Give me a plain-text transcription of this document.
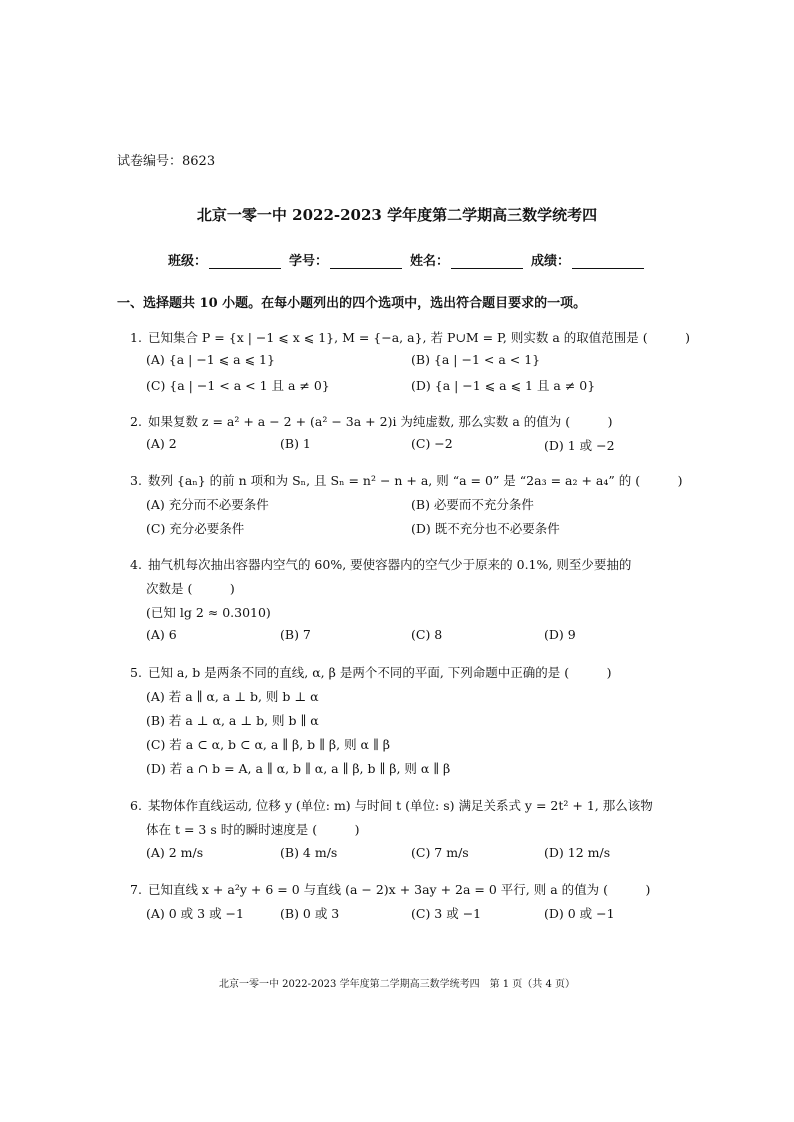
试卷编号：8623
北京一零一中 2022-2023 学年度第二学期高三数学统考四
班级：	学号：	姓名：	成绩：
一、选择题共 10 小题。在每小题列出的四个选项中，选出符合题目要求的一项。
1. 已知集合 P = {x | −1 ⩽ x ⩽ 1}, M = {−a, a}, 若 P∪M = P, 则实数 a 的取值范围是 (　　　)
(A) {a | −1 ⩽ a ⩽ 1}	(B) {a | −1 < a < 1}
(C) {a | −1 < a < 1 且 a ≠ 0}	(D) {a | −1 ⩽ a ⩽ 1 且 a ≠ 0}
2. 如果复数 z = a² + a − 2 + (a² − 3a + 2)i 为纯虚数, 那么实数 a 的值为 (　　　)
(A) 2	(B) 1	(C) −2	(D) 1 或 −2
3. 数列 {aₙ} 的前 n 项和为 Sₙ, 且 Sₙ = n² − n + a, 则 “a = 0” 是 “2a₃ = a₂ + a₄” 的 (　　　)
(A) 充分而不必要条件	(B) 必要而不充分条件
(C) 充分必要条件	(D) 既不充分也不必要条件
4. 抽气机每次抽出容器内空气的 60%, 要使容器内的空气少于原来的 0.1%, 则至少要抽的
次数是 (　　　)
(已知 lg 2 ≈ 0.3010)
(A) 6	(B) 7	(C) 8	(D) 9
5. 已知 a, b 是两条不同的直线, α, β 是两个不同的平面, 下列命题中正确的是 (　　　)
(A) 若 a ∥ α, a ⊥ b, 则 b ⊥ α
(B) 若 a ⊥ α, a ⊥ b, 则 b ∥ α
(C) 若 a ⊂ α, b ⊂ α, a ∥ β, b ∥ β, 则 α ∥ β
(D) 若 a ∩ b = A, a ∥ α, b ∥ α, a ∥ β, b ∥ β, 则 α ∥ β
6. 某物体作直线运动, 位移 y (单位: m) 与时间 t (单位: s) 满足关系式 y = 2t² + 1, 那么该物
体在 t = 3 s 时的瞬时速度是 (　　　)
(A) 2 m/s	(B) 4 m/s	(C) 7 m/s	(D) 12 m/s
7. 已知直线 x + a²y + 6 = 0 与直线 (a − 2)x + 3ay + 2a = 0 平行, 则 a 的值为 (　　　)
(A) 0 或 3 或 −1	(B) 0 或 3	(C) 3 或 −1	(D) 0 或 −1
北京一零一中 2022-2023 学年度第二学期高三数学统考四　第 1 页（共 4 页）
